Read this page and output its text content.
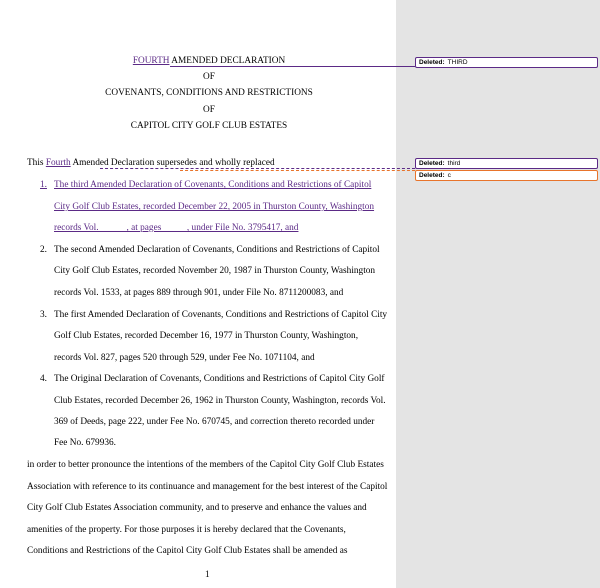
FOURTH AMENDED DECLARATION
OF
COVENANTS, CONDITIONS AND RESTRICTIONS
OF
CAPITOL CITY GOLF CLUB ESTATES
This Fourth Amended Declaration supersedes and wholly replaced
1. The third Amended Declaration of Covenants, Conditions and Restrictions of Capitol
City Golf Club Estates, recorded December 22, 2005 in Thurston County, Washington
records Vol.            , at pages           , under File No. 3795417, and
2. The second Amended Declaration of Covenants, Conditions and Restrictions of Capitol
City Golf Club Estates, recorded November 20, 1987 in Thurston County, Washington
records Vol. 1533, at pages 889 through 901, under File No. 8711200083, and
3. The first Amended Declaration of Covenants, Conditions and Restrictions of Capitol City
Golf Club Estates, recorded December 16, 1977 in Thurston County, Washington,
records Vol. 827, pages 520 through 529, under Fee No. 1071104, and
4. The Original Declaration of Covenants, Conditions and Restrictions of Capitol City Golf
Club Estates, recorded December 26, 1962 in Thurston County, Washington, records Vol.
369 of Deeds, page 222, under Fee No. 670745, and correction thereto recorded under
Fee No. 679936.
in order to better pronounce the intentions of the members of the Capitol City Golf Club Estates
Association with reference to its continuance and management for the best interest of the Capitol
City Golf Club Estates Association community, and to preserve and enhance the values and
amenities of the property. For those purposes it is hereby declared that the Covenants,
Conditions and Restrictions of the Capitol City Golf Club Estates shall be amended as
1
Deleted: THIRD
Deleted: third
Deleted: c
